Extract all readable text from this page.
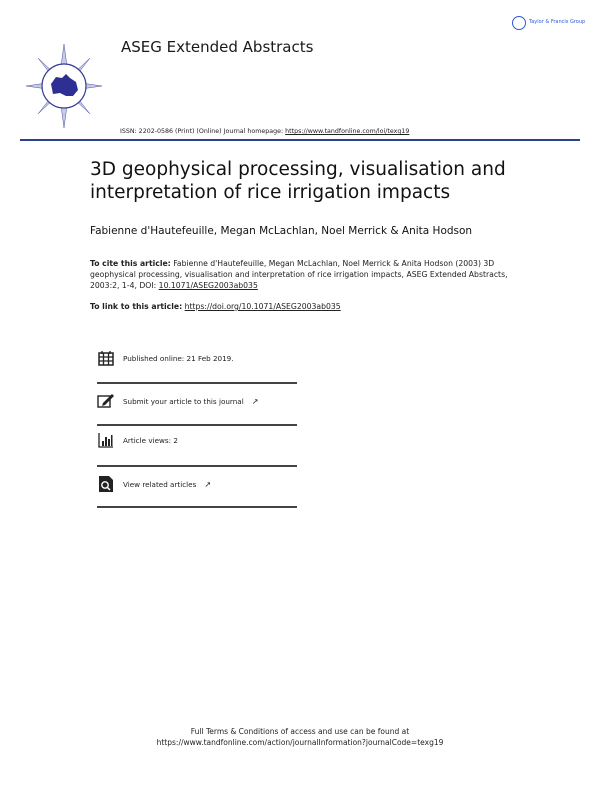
ASEG Extended Abstracts
Taylor & Francis Group
ISSN: 2202-0586 (Print) (Online) Journal homepage: https://www.tandfonline.com/loi/texg19
3D geophysical processing, visualisation and interpretation of rice irrigation impacts
Fabienne d'Hautefeuille, Megan McLachlan, Noel Merrick & Anita Hodson
To cite this article: Fabienne d'Hautefeuille, Megan McLachlan, Noel Merrick & Anita Hodson (2003) 3D geophysical processing, visualisation and interpretation of rice irrigation impacts, ASEG Extended Abstracts, 2003:2, 1-4, DOI: 10.1071/ASEG2003ab035
To link to this article: https://doi.org/10.1071/ASEG2003ab035
Published online: 21 Feb 2019.
Submit your article to this journal ↗
Article views: 2
View related articles ↗
Full Terms & Conditions of access and use can be found at
https://www.tandfonline.com/action/journalInformation?journalCode=texg19
